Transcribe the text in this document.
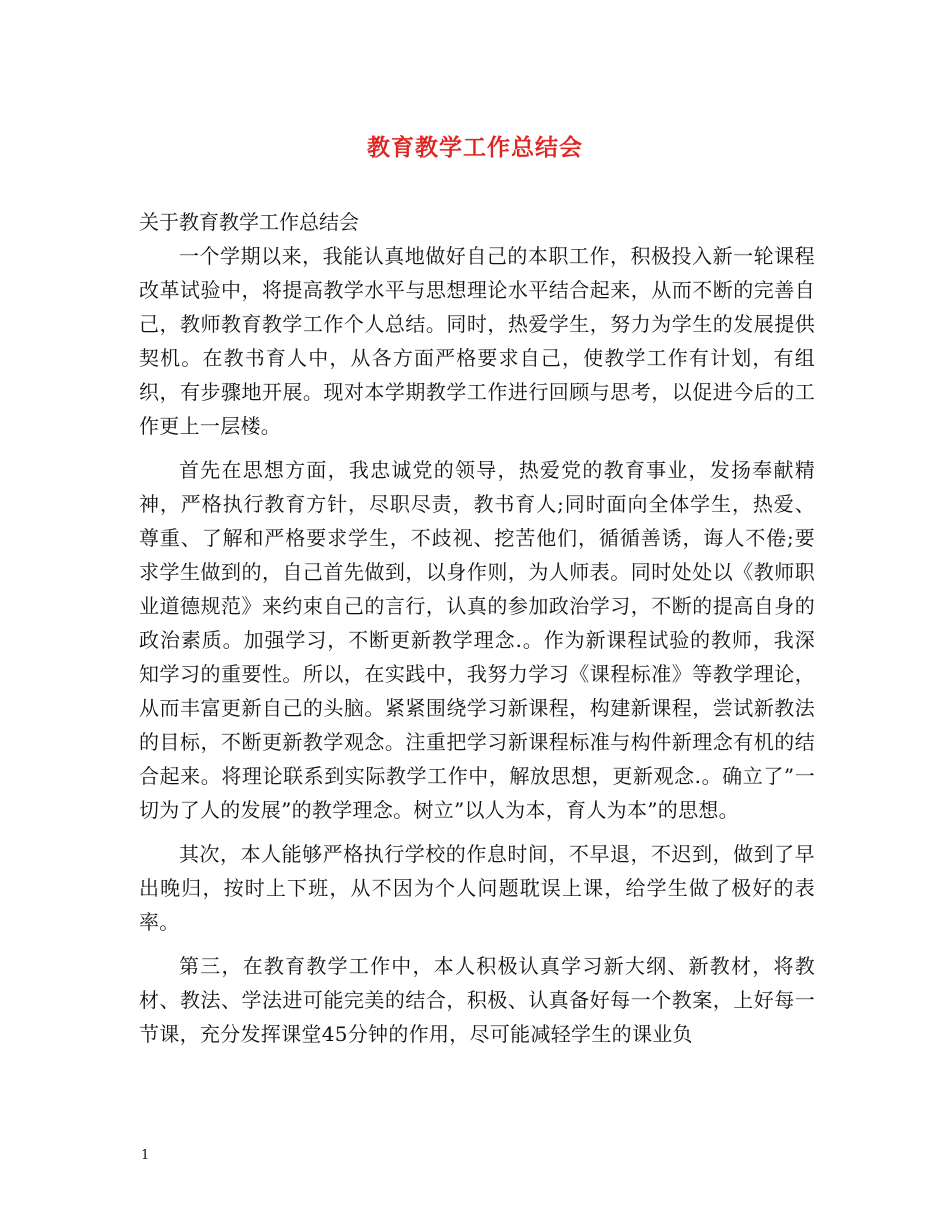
教育教学工作总结会

关于教育教学工作总结会

一个学期以来，我能认真地做好自己的本职工作，积极投入新一轮课程改革试验中，将提高教学水平与思想理论水平结合起来，从而不断的完善自己，教师教育教学工作个人总结。同时，热爱学生，努力为学生的发展提供契机。在教书育人中，从各方面严格要求自己，使教学工作有计划，有组织，有步骤地开展。现对本学期教学工作进行回顾与思考，以促进今后的工作更上一层楼。

首先在思想方面，我忠诚党的领导，热爱党的教育事业，发扬奉献精神，严格执行教育方针，尽职尽责，教书育人;同时面向全体学生，热爱、尊重、了解和严格要求学生，不歧视、挖苦他们，循循善诱，诲人不倦;要求学生做到的，自己首先做到，以身作则，为人师表。同时处处以《教师职业道德规范》来约束自己的言行，认真的参加政治学习，不断的提高自身的政治素质。加强学习，不断更新教学理念.。作为新课程试验的教师，我深知学习的重要性。所以，在实践中，我努力学习《课程标准》等教学理论，从而丰富更新自己的头脑。紧紧围绕学习新课程，构建新课程，尝试新教法的目标，不断更新教学观念。注重把学习新课程标准与构件新理念有机的结合起来。将理论联系到实际教学工作中，解放思想，更新观念.。确立了”一切为了人的发展”的教学理念。树立”以人为本，育人为本”的思想。

其次，本人能够严格执行学校的作息时间，不早退，不迟到，做到了早出晚归，按时上下班，从不因为个人问题耽误上课，给学生做了极好的表率。

第三，在教育教学工作中，本人积极认真学习新大纲、新教材，将教材、教法、学法进可能完美的结合，积极、认真备好每一个教案，上好每一节课，充分发挥课堂45分钟的作用，尽可能减轻学生的课业负

1
